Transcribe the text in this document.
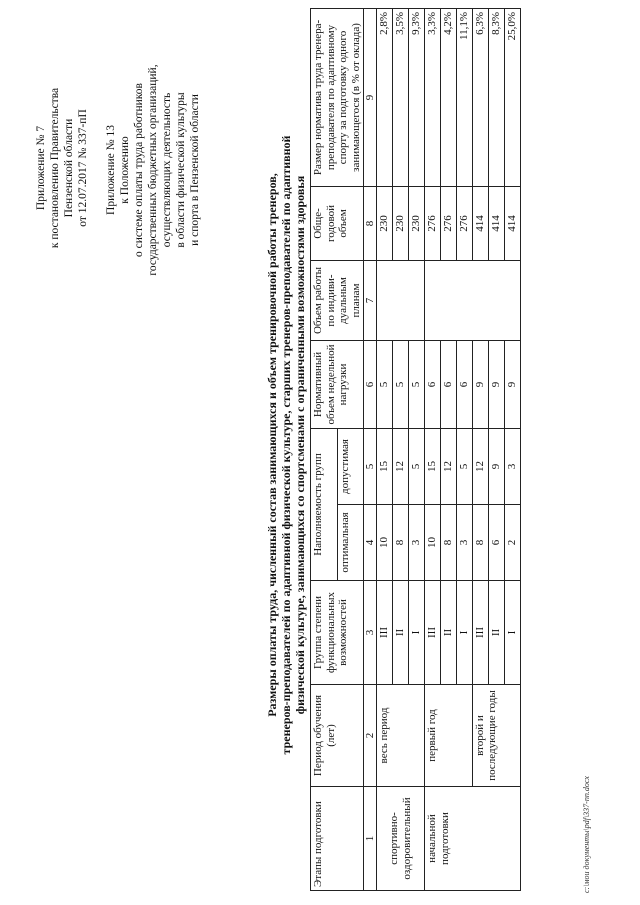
Приложение № 7 к постановлению Правительства Пензенской области от 12.07.2017 № 337-пП Приложение № 13 к Положению о системе оплаты труда работников государственных бюджетных организаций, осуществляющих деятельность в области физической культуры и спорта в Пензенской области
Размеры оплаты труда, численный состав занимающихся и объем тренировочной работы тренеров, тренеров-преподавателей по адаптивной физической культуре, старших тренеров-преподавателей по адаптивной физической культуре, занимающихся со спортсменами с ограниченными возможностями здоровья
Этапы подготовки	Период обучения (лет)	Группа степени функциональных возможностей	Наполняемость групп		Нормативный объем недельной нагрузки	Объем работы по индиви-дуальным планам	Обще-годовой объем	Размер норматива труда тренера-преподавателя по адаптивному спорту за подготовку одного занимающегося (в % от оклада)
			оптимальная	допустимая				
1	2	3	4	5	6	7	8	9
спортивно-оздоровительный	весь период	III	10	15	5		230	2,8%
		II	8	12	5		230	3,5%
		I	3	5	5		230	9,3%
начальной подготовки	первый год	III	10	15	6		276	3,3%
		II	8	12	6		276	4,2%
		I	3	5	6		276	11,1%
	второй и последующие годы	III	8	12	9		414	6,3%
		II	6	9	9		414	8,3%
		I	2	3	9		414	25,0%
c:\мои документы\pdf\337-пп.docx
